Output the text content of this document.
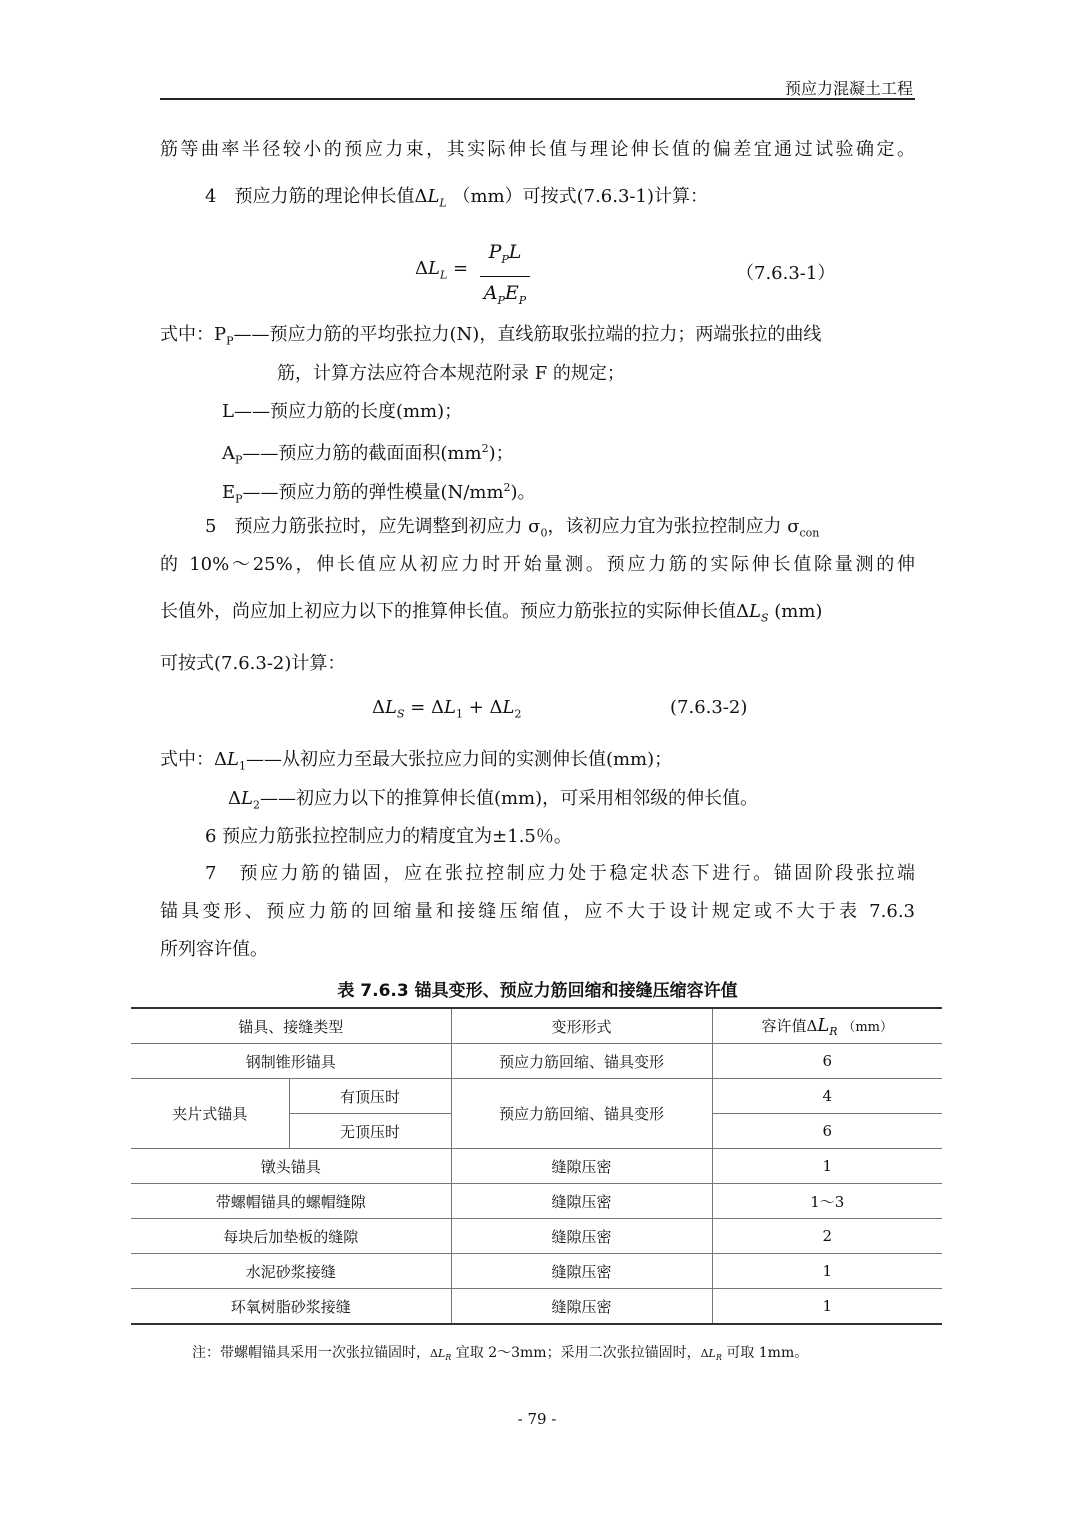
预应力混凝土工程
筋等曲率半径较小的预应力束，其实际伸长值与理论伸长值的偏差宜通过试验确定。
4　预应力筋的理论伸长值$\Delta L_L$ （mm）可按式(7.6.3-1)计算：
$\Delta L_L$ =
$P_PL$
$A_PE_P$
（7.6.3-1）
式中：$P_P——$预应力筋的平均张拉力(N)，直线筋取张拉端的拉力；两端张拉的曲线
筋，计算方法应符合本规范附录 F 的规定；
L——预应力筋的长度(mm)；
$A_P——$预应力筋的截面面积$(mm^2)$；
$E_P——$预应力筋的弹性模量$(N/mm^2)$。
5　预应力筋张拉时，应先调整到初应力 $\sigma_0$，该初应力宜为张拉控制应力 $\sigma_{con}$
的 10%～25%，伸长值应从初应力时开始量测。预应力筋的实际伸长值除量测的伸
长值外，尚应加上初应力以下的推算伸长值。预应力筋张拉的实际伸长值$\Delta L_S$ (mm)
可按式(7.6.3-2)计算：
$\Delta L_S = \Delta L_1 + \Delta L_2$	(7.6.3-2)
式中：$\Delta L_1——$从初应力至最大张拉应力间的实测伸长值(mm)；
$\Delta L_2——$初应力以下的推算伸长值(mm)，可采用相邻级的伸长值。
6 预应力筋张拉控制应力的精度宜为±1.5％。
7　预应力筋的锚固，应在张拉控制应力处于稳定状态下进行。锚固阶段张拉端
锚具变形、预应力筋的回缩量和接缝压缩值，应不大于设计规定或不大于表 7.6.3
所列容许值。
表 7.6.3 锚具变形、预应力筋回缩和接缝压缩容许值
锚具、接缝类型		变形形式	容许值$\Delta L_R$ （mm）
钢制锥形锚具		预应力筋回缩、锚具变形	6
夹片式锚具	有顶压时	预应力筋回缩、锚具变形	4
	无顶压时		6
镦头锚具		缝隙压密	1
带螺帽锚具的螺帽缝隙		缝隙压密	1～3
每块后加垫板的缝隙		缝隙压密	2
水泥砂浆接缝		缝隙压密	1
环氧树脂砂浆接缝		缝隙压密	1
注：带螺帽锚具采用一次张拉锚固时，$\Delta L_R$ 宜取 2～3mm；采用二次张拉锚固时，$\Delta L_R$ 可取 1mm。
- 79 -
